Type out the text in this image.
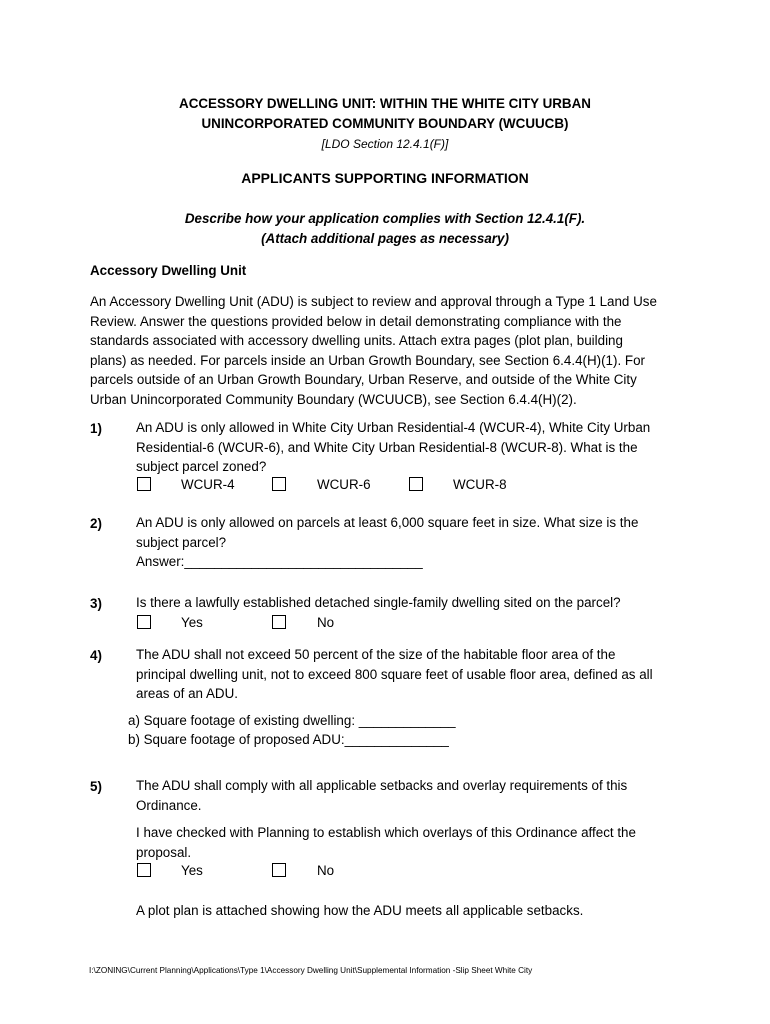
ACCESSORY DWELLING UNIT: WITHIN THE WHITE CITY URBAN
UNINCORPORATED COMMUNITY BOUNDARY (WCUUCB)
[LDO Section 12.4.1(F)]
APPLICANTS SUPPORTING INFORMATION
Describe how your application complies with Section 12.4.1(F).
(Attach additional pages as necessary)
Accessory Dwelling Unit
An Accessory Dwelling Unit (ADU) is subject to review and approval through a Type 1 Land Use
Review. Answer the questions provided below in detail demonstrating compliance with the
standards associated with accessory dwelling units. Attach extra pages (plot plan, building
plans) as needed. For parcels inside an Urban Growth Boundary, see Section 6.4.4(H)(1). For
parcels outside of an Urban Growth Boundary, Urban Reserve, and outside of the White City
Urban Unincorporated Community Boundary (WCUUCB), see Section 6.4.4(H)(2).
1)	An ADU is only allowed in White City Urban Residential-4 (WCUR-4), White City Urban
Residential-6 (WCUR-6), and White City Urban Residential-8 (WCUR-8). What is the
subject parcel zoned?
WCUR-4	WCUR-6	WCUR-8
2)	An ADU is only allowed on parcels at least 6,000 square feet in size. What size is the
subject parcel?
Answer:________________________________
3)	Is there a lawfully established detached single-family dwelling sited on the parcel?
Yes	No
4)	The ADU shall not exceed 50 percent of the size of the habitable floor area of the
principal dwelling unit, not to exceed 800 square feet of usable floor area, defined as all
areas of an ADU.
a) Square footage of existing dwelling: _____________
b) Square footage of proposed ADU:______________
5)	The ADU shall comply with all applicable setbacks and overlay requirements of this
Ordinance.
I have checked with Planning to establish which overlays of this Ordinance affect the
proposal.
Yes	No
A plot plan is attached showing how the ADU meets all applicable setbacks.
I:\ZONING\Current Planning\Applications\Type 1\Accessory Dwelling Unit\Supplemental Information -Slip Sheet White City
